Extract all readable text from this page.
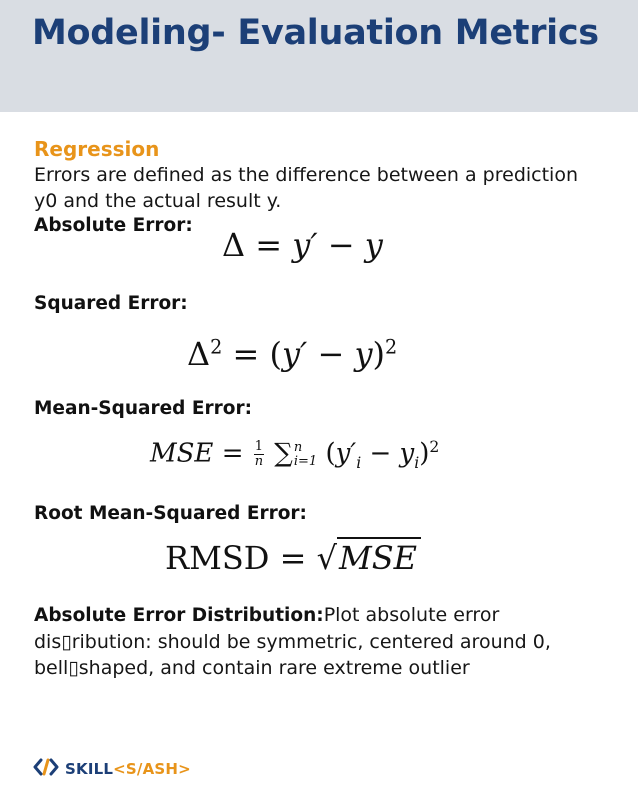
Modeling- Evaluation Metrics

Regression

Errors are defined as the difference between a prediction y0 and the actual result y.

Absolute Error:

Δ = y′ − y

Squared Error:

$\Delta^2 = (y' - y)^2$

Mean-Squared Error:

MSE = $\frac{1}{n}$ ∑ n
i=1 $(y'_i - y_i)^2$

Root Mean-Squared Error:

RMSD = √MSE

Absolute Error Distribution:Plot absolute error dis▯ribution: should be symmetric, centered around 0, bell▯shaped, and contain rare extreme outlier

SKILL<S/ASH>
